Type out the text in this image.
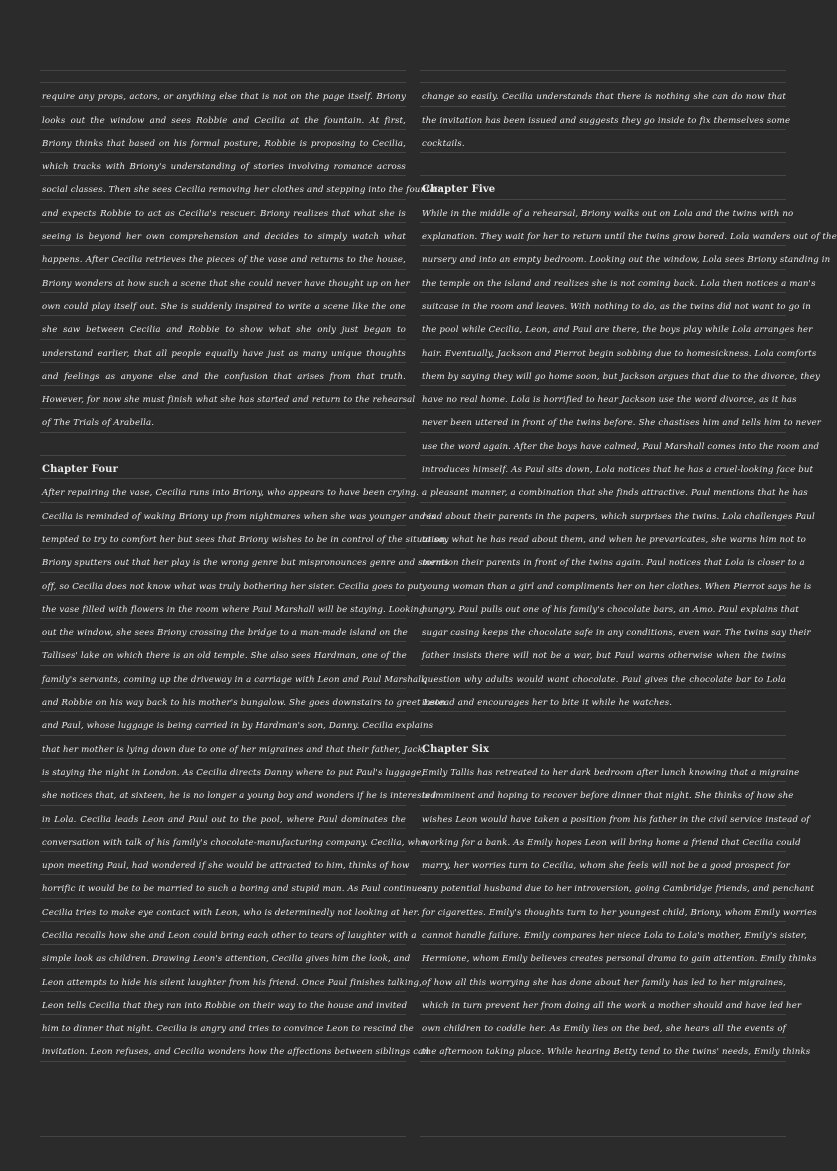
require any props, actors, or anything else that is not on the page itself. Briony
looks out the window and sees Robbie and Cecilia at the fountain. At first,
Briony thinks that based on his formal posture, Robbie is proposing to Cecilia,
which tracks with Briony's understanding of stories involving romance across
social classes. Then she sees Cecilia removing her clothes and stepping into the fountain
and expects Robbie to act as Cecilia's rescuer. Briony realizes that what she is
seeing is beyond her own comprehension and decides to simply watch what
happens. After Cecilia retrieves the pieces of the vase and returns to the house,
Briony wonders at how such a scene that she could never have thought up on her
own could play itself out. She is suddenly inspired to write a scene like the one
she saw between Cecilia and Robbie to show what she only just began to
understand earlier, that all people equally have just as many unique thoughts
and feelings as anyone else and the confusion that arises from that truth.
However, for now she must finish what she has started and return to the rehearsal
of The Trials of Arabella.
Chapter Four
After repairing the vase, Cecilia runs into Briony, who appears to have been crying.
Cecilia is reminded of waking Briony up from nightmares when she was younger and is
tempted to try to comfort her but sees that Briony wishes to be in control of the situation.
Briony sputters out that her play is the wrong genre but mispronounces genre and storms
off, so Cecilia does not know what was truly bothering her sister. Cecilia goes to put
the vase filled with flowers in the room where Paul Marshall will be staying. Looking
out the window, she sees Briony crossing the bridge to a man-made island on the
Tallises' lake on which there is an old temple. She also sees Hardman, one of the
family's servants, coming up the driveway in a carriage with Leon and Paul Marshall,
and Robbie on his way back to his mother's bungalow. She goes downstairs to greet Leon
and Paul, whose luggage is being carried in by Hardman's son, Danny. Cecilia explains
that her mother is lying down due to one of her migraines and that their father, Jack,
is staying the night in London. As Cecilia directs Danny where to put Paul's luggage,
she notices that, at sixteen, he is no longer a young boy and wonders if he is interested
in Lola. Cecilia leads Leon and Paul out to the pool, where Paul dominates the
conversation with talk of his family's chocolate-manufacturing company. Cecilia, who,
upon meeting Paul, had wondered if she would be attracted to him, thinks of how
horrific it would be to be married to such a boring and stupid man. As Paul continues,
Cecilia tries to make eye contact with Leon, who is determinedly not looking at her.
Cecilia recalls how she and Leon could bring each other to tears of laughter with a
simple look as children. Drawing Leon's attention, Cecilia gives him the look, and
Leon attempts to hide his silent laughter from his friend. Once Paul finishes talking,
Leon tells Cecilia that they ran into Robbie on their way to the house and invited
him to dinner that night. Cecilia is angry and tries to convince Leon to rescind the
invitation. Leon refuses, and Cecilia wonders how the affections between siblings can
change so easily. Cecilia understands that there is nothing she can do now that
the invitation has been issued and suggests they go inside to fix themselves some
cocktails.
Chapter Five
While in the middle of a rehearsal, Briony walks out on Lola and the twins with no
explanation. They wait for her to return until the twins grow bored. Lola wanders out of the
nursery and into an empty bedroom. Looking out the window, Lola sees Briony standing in
the temple on the island and realizes she is not coming back. Lola then notices a man's
suitcase in the room and leaves. With nothing to do, as the twins did not want to go in
the pool while Cecilia, Leon, and Paul are there, the boys play while Lola arranges her
hair. Eventually, Jackson and Pierrot begin sobbing due to homesickness. Lola comforts
them by saying they will go home soon, but Jackson argues that due to the divorce, they
have no real home. Lola is horrified to hear Jackson use the word divorce, as it has
never been uttered in front of the twins before. She chastises him and tells him to never
use the word again. After the boys have calmed, Paul Marshall comes into the room and
introduces himself. As Paul sits down, Lola notices that he has a cruel-looking face but
a pleasant manner, a combination that she finds attractive. Paul mentions that he has
read about their parents in the papers, which surprises the twins. Lola challenges Paul
to say what he has read about them, and when he prevaricates, she warns him not to
mention their parents in front of the twins again. Paul notices that Lola is closer to a
young woman than a girl and compliments her on her clothes. When Pierrot says he is
hungry, Paul pulls out one of his family's chocolate bars, an Amo. Paul explains that
sugar casing keeps the chocolate safe in any conditions, even war. The twins say their
father insists there will not be a war, but Paul warns otherwise when the twins
question why adults would want chocolate. Paul gives the chocolate bar to Lola
instead and encourages her to bite it while he watches.
Chapter Six
Emily Tallis has retreated to her dark bedroom after lunch knowing that a migraine
is imminent and hoping to recover before dinner that night. She thinks of how she
wishes Leon would have taken a position from his father in the civil service instead of
working for a bank. As Emily hopes Leon will bring home a friend that Cecilia could
marry, her worries turn to Cecilia, whom she feels will not be a good prospect for
any potential husband due to her introversion, going Cambridge friends, and penchant
for cigarettes. Emily's thoughts turn to her youngest child, Briony, whom Emily worries
cannot handle failure. Emily compares her niece Lola to Lola's mother, Emily's sister,
Hermione, whom Emily believes creates personal drama to gain attention. Emily thinks
of how all this worrying she has done about her family has led to her migraines,
which in turn prevent her from doing all the work a mother should and have led her
own children to coddle her. As Emily lies on the bed, she hears all the events of
the afternoon taking place. While hearing Betty tend to the twins' needs, Emily thinks
